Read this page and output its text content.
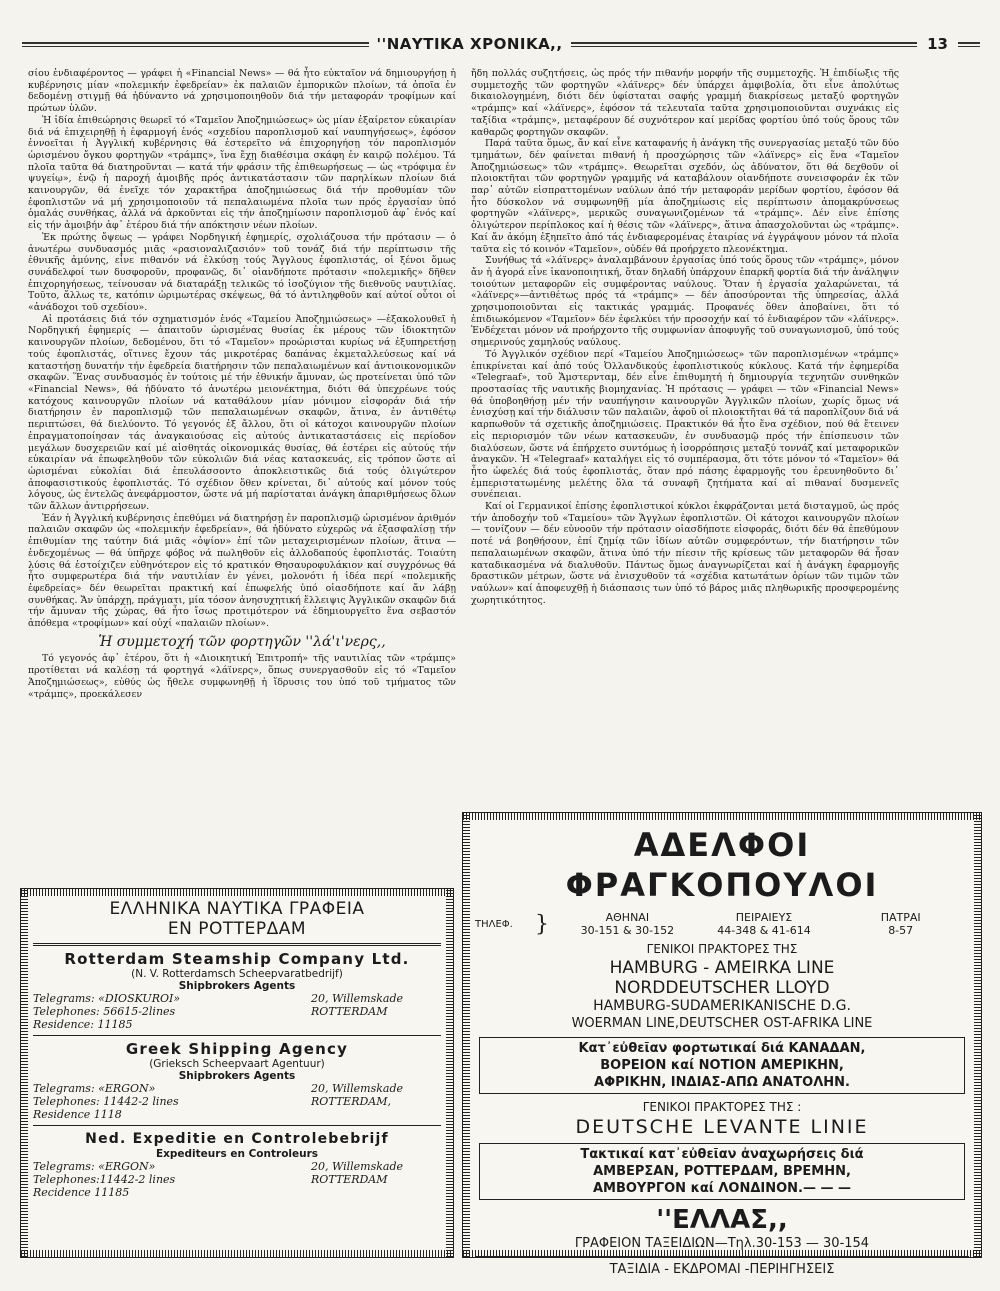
''ΝΑΥΤΙΚΑ ΧΡΟΝΙΚΑ,,	13

σίου ἐνδιαφέροντος — γράφει ἡ «Financial News» — θά ἦτο εὐκταῖον νά δημιουργήσῃ ἡ κυβέρνησις μίαν «πολεμικήν ἐφεδρείαν» ἐκ παλαιῶν ἐμπορικῶν πλοίων, τά ὁποῖα ἐν δεδομένῃ στιγμῇ θά ἠδύναντο νά χρησιμοποιηθοῦν διά τήν μεταφοράν τροφίμων καί πρώτων ὑλῶν.

Ἡ ἰδία ἐπιθεώρησις θεωρεῖ τό «Ταμεῖον Ἀποζημιώσεως» ὡς μίαν ἐξαίρετον εὐκαιρίαν διά νά ἐπιχειρηθῇ ἡ ἐφαρμογή ἑνός «σχεδίου παροπλισμοῦ καί ναυπηγήσεως», ἐφόσον ἐννοεῖται ἡ Ἀγγλική κυβέρνησις θά ἐστερεῖτο νά ἐπιχορηγήσῃ τόν παροπλισμόν ὡρισμένου ὄγκου φορτηγῶν «τράμπς», ἵνα ἔχῃ διαθέσιμα σκάφη ἐν καιρῷ πολέμου. Τά πλοῖα ταῦτα θά διατηροῦνται — κατά τήν φράσιν τῆς ἐπιθεωρήσεως — ὡς «τρόφιμα ἐν ψυγείῳ», ἐνῷ ἡ παροχή ἀμοιβῆς πρός ἀντικατάστασιν τῶν παρηλίκων πλοίων διά καινουργῶν, θά ἐνεῖχε τόν χαρακτῆρα ἀποζημιώσεως διά τήν προθυμίαν τῶν ἐφοπλιστῶν νά μή χρησιμοποιοῦν τά πεπαλαιωμένα πλοῖα των πρός ἐργασίαν ὑπό ὁμαλάς συνθήκας, ἀλλά νά ἀρκοῦνται εἰς τήν ἀποζημίωσιν παροπλισμοῦ ἀφ᾽ ἑνός καί εἰς τήν ἀμοιβήν ἀφ᾽ ἑτέρου διά τήν απόκτησιν νέων πλοίων.

Ἐκ πρώτης ὄψεως — γράφει Νορδηγική ἐφημερίς, σχολιάζουσα τήν πρότασιν — ὁ ἀνωτέρω συνδυασμός μιᾶς «ρασιοναλιζασιόν» τοῦ τονάζ διά τήν περίπτωσιν τῆς ἐθνικῆς ἀμύνης, εἶνε πιθανόν νά ἑλκύσῃ τούς Ἄγγλους ἐφοπλιστάς, οἱ ξένοι ὅμως συνάδελφοί των δυσφοροῦν, προφανῶς, δι᾽ οἱανδήποτε πρότασιν «πολεμικῆς» δῆθεν ἐπιχορηγήσεως, τείνουσαν νά διαταράξῃ τελικῶς τό ἰσοζύγιον τῆς διεθνοῦς ναυτιλίας. Τοῦτο, ἄλλως τε, κατόπιν ὡριμωτέρας σκέψεως, θά τό ἀντιληφθοῦν καί αὐτοί οὗτοι οἱ «ἀνάδοχοι τοῦ σχεδίου».

Αἱ προτάσεις διά τόν σχηματισμόν ἑνός «Ταμείου Ἀποζημιώσεως» —ἐξακολουθεῖ ἡ Νορδηγική ἐφημερίς — ἀπαιτοῦν ὡρισμένας θυσίας ἐκ μέρους τῶν ἰδιοκτητῶν καινουργῶν πλοίων, δεδομένου, ὅτι τό «Ταμεῖον» προώρισται κυρίως νά ἐξυπηρετήσῃ τούς ἐφοπλιστάς, οἵτινες ἔχουν τάς μικροτέρας δαπάνας ἐκμεταλλεύσεως καί νά καταστήσῃ δυνατήν τήν ἐφεδρεία διατήρησιν τῶν πεπαλαιωμένων καί ἀντιοικονομικῶν σκαφῶν. Ἕνας συνδυασμός ἐν τούτοις μέ τήν ἐθνικήν ἄμυναν, ὡς προτείνεται ὑπό τῶν «Financial News», θά ἠδύνατο τό ἀνωτέρω μειονέκτημα, διότι θά ὑπεχρέωνε τούς κατόχους καινουργῶν πλοίων νά καταθάλουν μίαν μόνιμον εἰσφοράν διά τήν διατήρησιν ἐν παροπλισμῷ τῶν πεπαλαιωμένων σκαφῶν, ἅτινα, ἐν ἀντιθέτῳ περιπτώσει, θά διελύοντο. Τό γεγονός ἐξ ἄλλου, ὅτι οἱ κάτοχοι καινουργῶν πλοίων ἐπραγματοποίησαν τάς ἀναγκαιούσας εἰς αὐτούς ἀντικαταστάσεις εἰς περίοδον μεγάλων δυσχερειῶν καί μέ αἰσθητάς οἰκονομικάς θυσίας, θά ἐστέρει εἰς αὐτούς τήν εὐκαιρίαν νά ἐπωφεληθοῦν τῶν εὐκολιῶν διά νέας κατασκευάς, εἰς τρόπον ὥστε αἱ ὡρισμέναι εὐκολίαι διά ἐπευλάσσοντο ἀποκλειστικῶς διά τούς ὀλιγώτερον ἀποφασιστικούς ἐφοπλιστάς. Τό σχέδιον ὅθεν κρίνεται, δι᾽ αὐτούς καί μόνον τούς λόγους, ὡς ἐντελῶς ἀνεφάρμοστον, ὥστε νά μή παρίσταται ἀνάγκη ἀπαριθμήσεως ὅλων τῶν ἄλλων ἀντιρρήσεων.

Ἐάν ἡ Ἀγγλική κυβέρνησις ἐπεθύμει νά διατηρήσῃ ἐν παροπλισμῷ ὡρισμένον ἀριθμόν παλαιῶν σκαφῶν ὡς «πολεμικήν ἐφεδρείαν», θά ἠδύνατο εὐχερῶς νά ἐξασφαλίσῃ τήν ἐπιθυμίαν της ταύτην διά μιᾶς «ὀψίον» ἐπί τῶν μεταχειρισμένων πλοίων, ἅτινα — ἐνδεχομένως — θά ὑπῆρχε φόβος νά πωληθοῦν εἰς ἀλλοδαπούς ἐφοπλιστάς. Τοιαύτη λύσις θά ἐστοίχιζεν εὐθηνότερον εἰς τό κρατικόν Θησαυροφυλάκιον καί συγχρόνως θά ἦτο συμφερωτέρα διά τήν ναυτιλίαν ἐν γένει, μολονότι ἡ ἰδέα περί «πολεμικῆς ἐφεδρείας» δέν θεωρεῖται πρακτική καί ἐπωφελής ὑπό οἱασδήποτε καί ἄν λάβῃ συνθήκας. Ἄν ὑπάρχῃ, πράγματι, μία τόσον ἀνησυχητική ἔλλειψις Ἀγγλικῶν σκαφῶν διά τήν ἄμυναν τῆς χώρας, θά ἦτο ἴσως προτιμότερον νά ἐδημιουργεῖτο ἕνα σεβαστόν ἀπόθεμα «τροφίμων» καί οὐχί «παλαιῶν πλοίων».

Ἡ συμμετοχή τῶν φορτηγῶν ''λά'ι'νερς,,

Τό γεγονός ἀφ᾽ ἑτέρου, ὅτι ἡ «Διοικητική Ἐπιτροπή» τῆς ναυτιλίας τῶν «τράμπς» προτίθεται νά καλέσῃ τά φορτηγά «λάϊνερς», ὅπως συνεργασθοῦν εἰς τό «Ταμεῖον Ἀποζημιώσεως», εὐθύς ὡς ἤθελε συμφωνηθῇ ἡ ἵδρυσις του ὑπό τοῦ τμήματος τῶν «τράμπς», προεκάλεσεν

ἤδη πολλάς συζητήσεις, ὡς πρός τήν πιθανήν μορφήν τῆς συμμετοχῆς. Ἡ ἐπιδίωξις τῆς συμμετοχῆς τῶν φορτηγῶν «λάϊνερς» δέν ὑπάρχει ἀμφιβολία, ὅτι εἶνε ἀπολύτως δικαιολογημένη, διότι δέν ὑφίσταται σαφής γραμμή διακρίσεως μεταξύ φορτηγῶν «τράμπς» καί «λάϊνερς», ἐφόσον τά τελευταῖα ταῦτα χρησιμοποιοῦνται συχνάκις εἰς ταξίδια «τράμπς», μεταφέρουν δέ συχνότερον καί μερίδας φορτίου ὑπό τούς ὅρους τῶν καθαρῶς φορτηγῶν σκαφῶν.

Παρά ταῦτα ὅμως, ἄν καί εἶνε καταφανής ἡ ἀνάγκη τῆς συνεργασίας μεταξύ τῶν δύο τμημάτων, δέν φαίνεται πιθανή ἡ προσχώρησις τῶν «λάϊνερς» εἰς ἕνα «Ταμεῖον Ἀποζημιώσεως» τῶν «τράμπς». Θεωρεῖται σχεδόν, ὡς ἀδύνατον, ὅτι θά δεχθοῦν οἱ πλοιοκτῆται τῶν φορτηγῶν γραμμῆς νά καταβάλουν οἱανδήποτε συνεισφοράν ἐκ τῶν παρ᾽ αὐτῶν εἰσπραττομένων ναύλων ἀπό τήν μεταφοράν μερίδων φορτίου, ἐφόσον θά ἦτο δύσκολον νά συμφωνηθῇ μία ἀποζημίωσις εἰς περίπτωσιν ἀπομακρύνσεως φορτηγῶν «λάϊνερς», μερικῶς συναγωνιζομένων τά «τράμπς». Δέν εἶνε ἐπίσης ὀλιγώτερον περίπλοκος καί ἡ θέσις τῶν «λάϊνερς», ἅτινα ἀπασχολοῦνται ὡς «τράμπς». Καί ἄν ἀκόμη ἐξηπεῖτο ἀπό τάς ἐνδιαφερομένας ἑταιρίας νά ἐγγράψουν μόνον τά πλοῖα ταῦτα εἰς τό κοινόν «Ταμεῖον», οὐδέν θά προήρχετο πλεονέκτημα.

Συνήθως τά «λάϊνερς» ἀναλαμβάνουν ἐργασίας ὑπό τούς ὅρους τῶν «τράμπς», μόνον ἄν ἡ ἀγορά εἶνε ἱκανοποιητική, ὅταν δηλαδή ὑπάρχουν ἐπαρκῆ φορτία διά τήν ἀνάληψιν τοιούτων μεταφορῶν εἰς συμφέροντας ναύλους. Ὅταν ἡ ἐργασία χαλαρώνεται, τά «λάϊνερς»—ἀντιθέτως πρός τά «τράμπς» — δέν ἀποσύρονται τῆς ὑπηρεσίας, ἀλλά χρησιμοποιοῦνται εἰς τακτικάς γραμμάς. Προφανές ὅθεν ἀποβαίνει, ὅτι τό ἐπιδιωκόμενον «Ταμεῖον» δέν ἐφελκύει τήν προσοχήν καί τό ἐνδιαφέρον τῶν «λάϊνερς». Ἐνδέχεται μόνον νά προήρχοντο τῆς συμφωνίαν ἀποφυγῆς τοῦ συναγωνισμοῦ, ὑπό τούς σημερινούς χαμηλούς ναύλους.

Τό Ἀγγλικόν σχέδιον περί «Ταμείου Ἀποζημιώσεως» τῶν παροπλισμένων «τράμπς» ἐπικρίνεται καί ἀπό τούς Ὀλλανδικούς ἐφοπλιστικούς κύκλους. Κατά τήν ἐφημερίδα «Telegraaf», τοῦ Ἄμστερνταμ, δέν εἶνε ἐπιθυμητή ἡ δημιουργία τεχνητῶν συνθηκῶν προστασίας τῆς ναυτικῆς βιομηχανίας. Ἡ πρότασις — γράφει — τῶν «Financial News» θά ὑποβοηθήσῃ μέν τήν ναυπήγησιν καινουργῶν Ἀγγλικῶν πλοίων, χωρίς ὅμως νά ἐνισχύσῃ καί τήν διάλυσιν τῶν παλαιῶν, ἀφοῦ οἱ πλοιοκτῆται θά τά παροπλίζουν διά νά καρπωθοῦν τά σχετικῆς ἀποζημιώσεις. Πρακτικόν θά ἦτο ἕνα σχέδιον, πού θά ἔτεινεν εἰς περιορισμόν τῶν νέων κατασκευῶν, ἐν συνδυασμῷ πρός τήν ἐπίσπευσιν τῶν διαλύσεων, ὥστε νά ἐπήρχετο συντόμως ἡ ἰσορρόπησις μεταξύ τοννάζ καί μεταφορικῶν ἀναγκῶν. Ἡ «Telegraaf» καταλήγει εἰς τό συμπέρασμα, ὅτι τότε μόνον τό «Ταμεῖον» θά ἦτο ὠφελές διά τούς ἐφοπλιστάς, ὅταν πρό πάσης ἐφαρμογῆς του ἐρευνηθοῦντο δι᾽ ἐμπεριστατωμένης μελέτης ὅλα τά συναφῆ ζητήματα καί αἱ πιθαναί δυσμενεῖς συνέπειαι.

Καί οἱ Γερμανικοί ἐπίσης ἐφοπλιστικοί κύκλοι ἐκφράζονται μετά δισταγμοῦ, ὡς πρός τήν ἀποδοχήν τοῦ «Ταμείου» τῶν Ἄγγλων ἐφοπλιστῶν. Οἱ κάτοχοι καινουργῶν πλοίων — τονίζουν — δέν εὐνοοῦν τήν πρότασιν οἱασδήποτε εἰσφοράς, διότι δέν θά ἐπεθύμουν ποτέ νά βοηθήσουν, ἐπί ζημίᾳ τῶν ἰδίων αὐτῶν συμφερόντων, τήν διατήρησιν τῶν πεπαλαιωμένων σκαφῶν, ἅτινα ὑπό τήν πίεσιν τῆς κρίσεως τῶν μεταφορῶν θά ἦσαν καταδικασμένα νά διαλυθοῦν. Πάντως ὅμως ἀναγνωρίζεται καί ἡ ἀνάγκη ἐφαρμογῆς δραστικῶν μέτρων, ὥστε νά ἐνισχυθοῦν τά «σχέδια κατωτάτων ὁρίων τῶν τιμῶν τῶν ναύλων» καί ἀποφευχθῇ ἡ διάσπασις των ὑπό τό βάρος μιᾶς πληθωρικῆς προσφερομένης χωρητικότητος.

ΕΛΛΗΝΙΚΑ ΝΑΥΤΙΚΑ ΓΡΑΦΕΙΑ
ΕΝ ΡΟΤΤΕΡΔΑΜ
Rotterdam Steamship Company Ltd.
(N. V. Rotterdamsch Scheepvaratbedrijf)
Shipbrokers Agents
Telegrams: «DIOSKUROI»	20, Willemskade
Telephones: 56615-2lines	ROTTERDAM
Residence: 11185
Greek Shipping Agency
(Grieksch Scheepvaart Agentuur)
Shipbrokers Agents
Telegrams: «ERGON»	20, Willemskade
Telephones: 11442-2 lines	ROTTERDAM,
Residence 1118
Ned. Expeditie en Controlebebrijf
Expediteurs en Controleurs
Telegrams: «ERGON»	20, Willemskade
Telephones:11442-2 lines	ROTTERDAM
Recidence 11185
ΑΔΕΛΦΟΙ ΦΡΑΓΚΟΠΟΥΛΟΙ
ΤΗΛΕΦ.	}	ΑΘΗΝΑΙ
30-151 & 30-152
ΠΕΙΡΑΙΕΥΣ
44-348 & 41-614
ΠΑΤΡΑΙ
8-57
ΓΕΝΙΚΟΙ ΠΡΑΚΤΟΡΕΣ ΤΗΣ
HAMBURG - AMEIRKA LINE
NORDDEUTSCHER LLOYD
HAMBURG-SUDAMERIKANISCHE D.G.
WOERMAN LINE,DEUTSCHER OST-AFRIKA LINE
Κατ᾽εὐθεῖαν φορτωτικαί διά ΚΑΝΑΔΑΝ,
ΒΟΡΕΙΟΝ καί ΝΟΤΙΟΝ ΑΜΕΡΙΚΗΝ,
ΑΦΡΙΚΗΝ, ΙΝΔΙΑΣ-ΑΠΩ ΑΝΑΤΟΛΗΝ.
ΓΕΝΙΚΟΙ ΠΡΑΚΤΟΡΕΣ ΤΗΣ :
DEUTSCHE LEVANTE LINIE
Τακτικαί κατ᾽εὐθεῖαν ἀναχωρήσεις διά
ΑΜΒΕΡΣΑΝ, ΡΟΤΤΕΡΔΑΜ, ΒΡΕΜΗΝ,
ΑΜΒΟΥΡΓΟΝ καί ΛΟΝΔΙΝΟΝ.— — —
''ΕΛΛΑΣ,,
ΓΡΑΦΕΙΟΝ ΤΑΞΕΙΔΙΩΝ—Τηλ.30-153 — 30-154
ΤΑΞΙΔΙΑ - ΕΚΔΡΟΜΑΙ -ΠΕΡΙΗΓΗΣΕΙΣ
